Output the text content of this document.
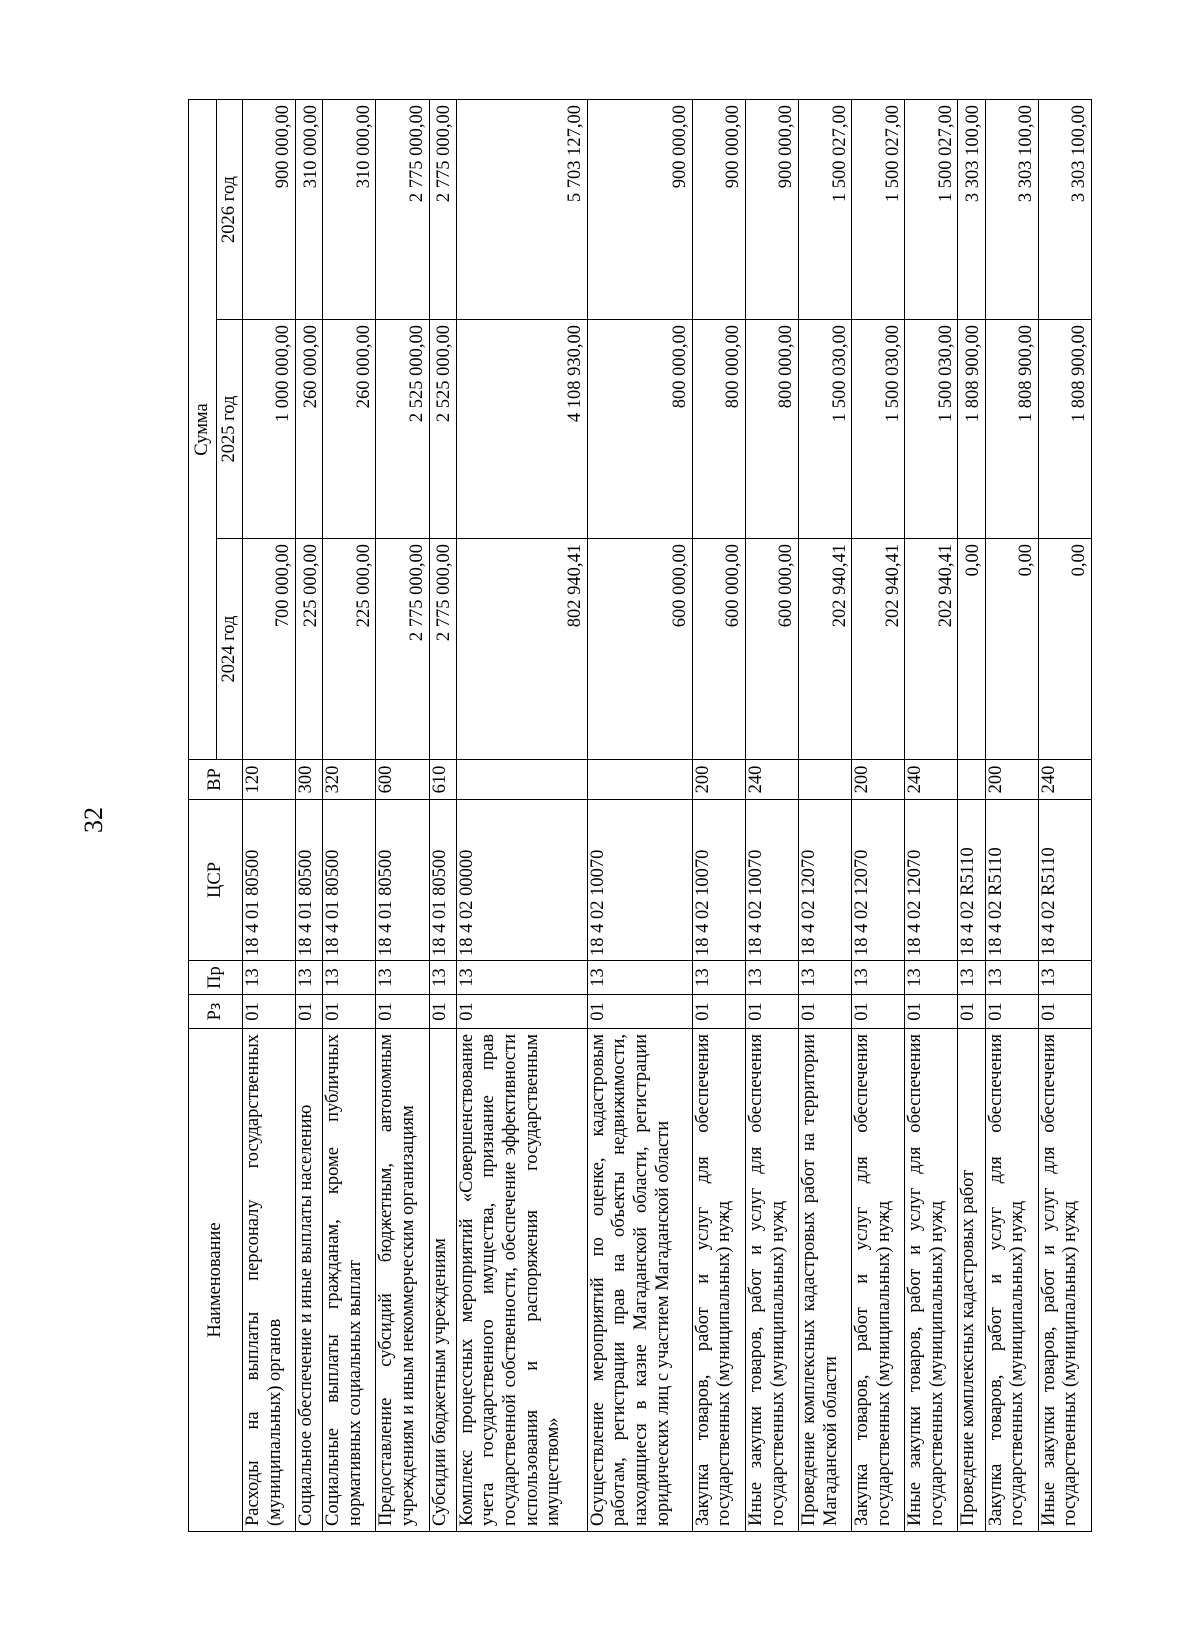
32
Наименование	Рз	Пр	ЦСР	ВР	Сумма		
					2024 год	2025 год	2026 год
Расходы на выплаты персоналу государственных (муниципальных) органов	01	13	18 4 01 80500	120	700 000,00	1 000 000,00	900 000,00
Социальное обеспечение и иные выплаты населению	01	13	18 4 01 80500	300	225 000,00	260 000,00	310 000,00
Социальные выплаты гражданам, кроме публичных нормативных социальных выплат	01	13	18 4 01 80500	320	225 000,00	260 000,00	310 000,00
Предоставление субсидий бюджетным, автономным учреждениям и иным некоммерческим организациям	01	13	18 4 01 80500	600	2 775 000,00	2 525 000,00	2 775 000,00
Субсидии бюджетным учреждениям	01	13	18 4 01 80500	610	2 775 000,00	2 525 000,00	2 775 000,00
Комплекс процессных мероприятий «Совершенствование учета государственного имущества, признание прав государственной собственности, обеспечение эффективности использования и распоряжения государственным имуществом»	01	13	18 4 02 00000		802 940,41	4 108 930,00	5 703 127,00
Осуществление мероприятий по оценке, кадастровым работам, регистрации прав на объекты недвижимости, находящиеся в казне Магаданской области, регистрации юридических лиц с участием Магаданской области	01	13	18 4 02 10070		600 000,00	800 000,00	900 000,00
Закупка товаров, работ и услуг для обеспечения государственных (муниципальных) нужд	01	13	18 4 02 10070	200	600 000,00	800 000,00	900 000,00
Иные закупки товаров, работ и услуг для обеспечения государственных (муниципальных) нужд	01	13	18 4 02 10070	240	600 000,00	800 000,00	900 000,00
Проведение комплексных кадастровых работ на территории Магаданской области	01	13	18 4 02 12070		202 940,41	1 500 030,00	1 500 027,00
Закупка товаров, работ и услуг для обеспечения государственных (муниципальных) нужд	01	13	18 4 02 12070	200	202 940,41	1 500 030,00	1 500 027,00
Иные закупки товаров, работ и услуг для обеспечения государственных (муниципальных) нужд	01	13	18 4 02 12070	240	202 940,41	1 500 030,00	1 500 027,00
Проведение комплексных кадастровых работ	01	13	18 4 02 R5110		0,00	1 808 900,00	3 303 100,00
Закупка товаров, работ и услуг для обеспечения государственных (муниципальных) нужд	01	13	18 4 02 R5110	200	0,00	1 808 900,00	3 303 100,00
Иные закупки товаров, работ и услуг для обеспечения государственных (муниципальных) нужд	01	13	18 4 02 R5110	240	0,00	1 808 900,00	3 303 100,00
